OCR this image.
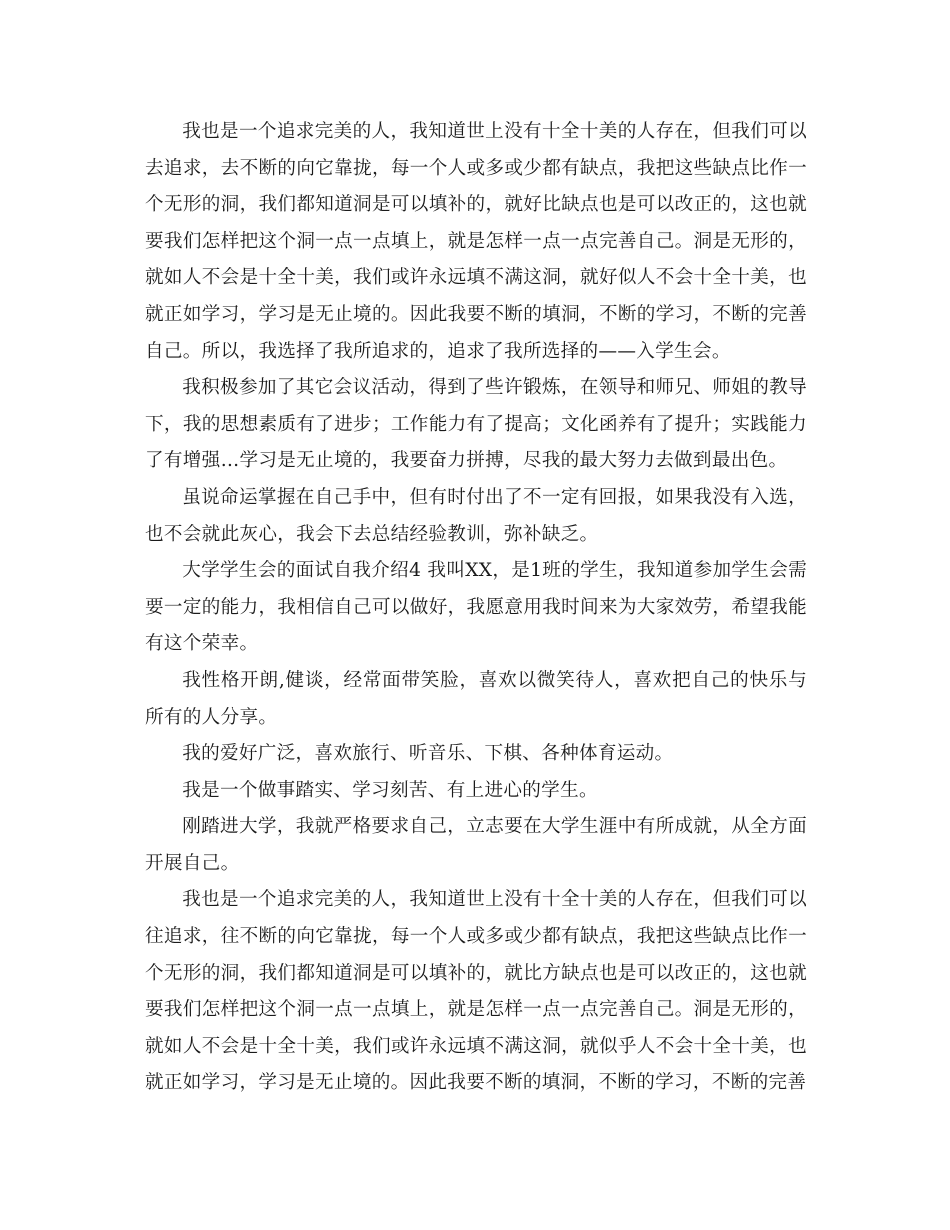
我也是一个追求完美的人，我知道世上没有十全十美的人存在，但我们可以去追求，去不断的向它靠拢，每一个人或多或少都有缺点，我把这些缺点比作一个无形的洞，我们都知道洞是可以填补的，就好比缺点也是可以改正的，这也就要我们怎样把这个洞一点一点填上，就是怎样一点一点完善自己。洞是无形的，就如人不会是十全十美，我们或许永远填不满这洞，就好似人不会十全十美，也就正如学习，学习是无止境的。因此我要不断的填洞，不断的学习，不断的完善自己。所以，我选择了我所追求的，追求了我所选择的——入学生会。

我积极参加了其它会议活动，得到了些许锻炼，在领导和师兄、师姐的教导下，我的思想素质有了进步；工作能力有了提高；文化函养有了提升；实践能力了有增强…学习是无止境的，我要奋力拼搏，尽我的最大努力去做到最出色。

虽说命运掌握在自己手中，但有时付出了不一定有回报，如果我没有入选，也不会就此灰心，我会下去总结经验教训，弥补缺乏。

大学学生会的面试自我介绍4 我叫XX，是1班的学生，我知道参加学生会需要一定的能力，我相信自己可以做好，我愿意用我时间来为大家效劳，希望我能有这个荣幸。

我性格开朗,健谈，经常面带笑脸，喜欢以微笑待人，喜欢把自己的快乐与所有的人分享。

我的爱好广泛，喜欢旅行、听音乐、下棋、各种体育运动。

我是一个做事踏实、学习刻苦、有上进心的学生。

刚踏进大学，我就严格要求自己，立志要在大学生涯中有所成就，从全方面开展自己。

我也是一个追求完美的人，我知道世上没有十全十美的人存在，但我们可以往追求，往不断的向它靠拢，每一个人或多或少都有缺点，我把这些缺点比作一个无形的洞，我们都知道洞是可以填补的，就比方缺点也是可以改正的，这也就要我们怎样把这个洞一点一点填上，就是怎样一点一点完善自己。洞是无形的，就如人不会是十全十美，我们或许永远填不满这洞，就似乎人不会十全十美，也就正如学习，学习是无止境的。因此我要不断的填洞，不断的学习，不断的完善
